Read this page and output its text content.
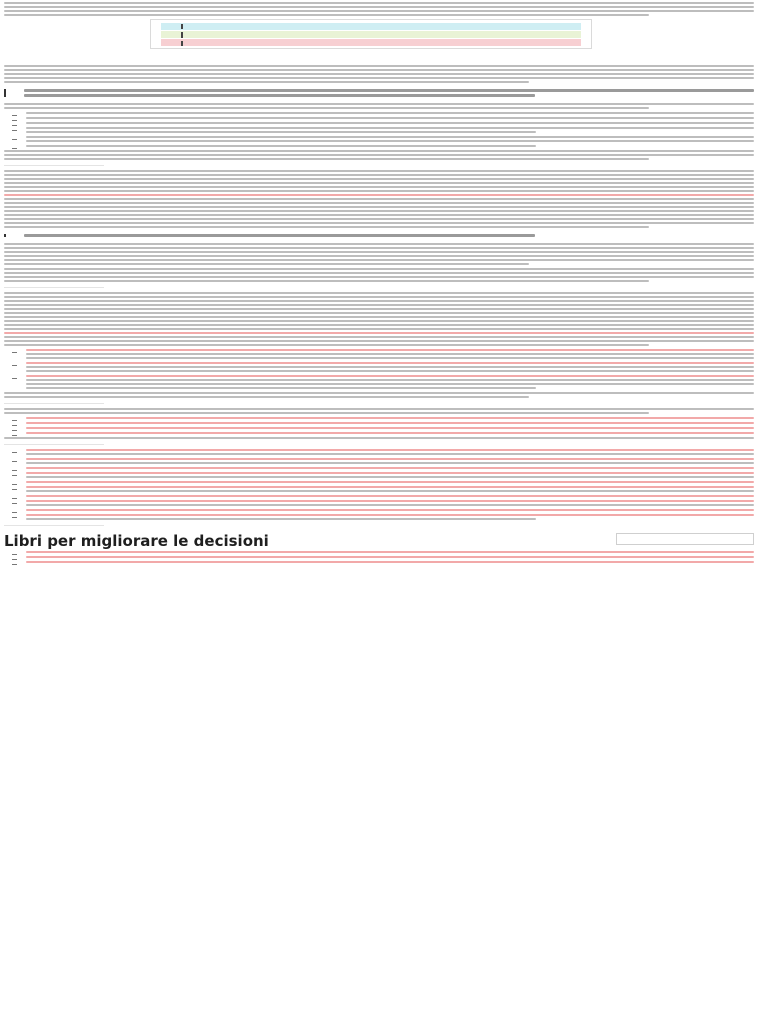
Libri per migliorare le decisioni
